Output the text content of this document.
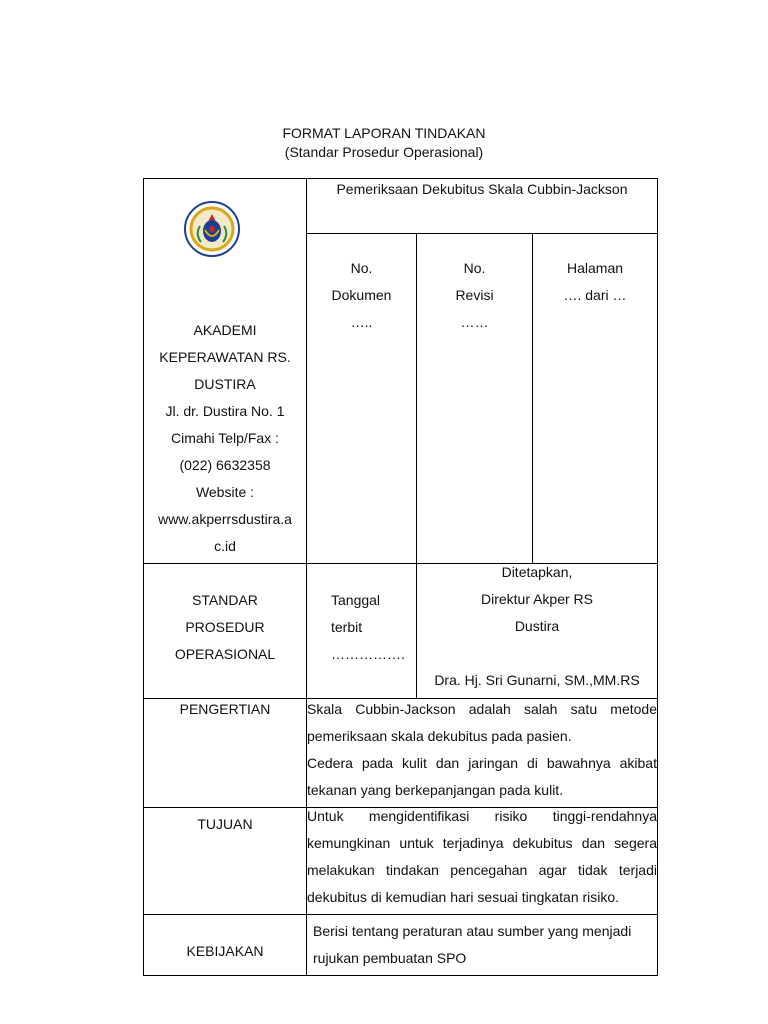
FORMAT LAPORAN TINDAKAN
(Standar Prosedur Operasional)
AKADEMI
KEPERAWATAN RS.
DUSTIRA
Jl. dr. Dustira No. 1
Cimahi Telp/Fax :
(022) 6632358
Website :
www.akperrsdustira.a
c.id
Pemeriksaan Dekubitus Skala Cubbin-Jackson
No.
Dokumen
…..
No.
Revisi
……
Halaman
…. dari …
STANDAR
PROSEDUR
OPERASIONAL
Tanggal
terbit
…………….
Ditetapkan,
Direktur Akper RS
Dustira
Dra. Hj. Sri Gunarni, SM.,MM.RS
PENGERTIAN	Skala Cubbin-Jackson adalah salah satu metode pemeriksaan skala dekubitus pada pasien.

Cedera pada kulit dan jaringan di bawahnya akibat tekanan yang berkepanjangan pada kulit.

TUJUAN	Untuk mengidentifikasi risiko tinggi-rendahnya kemungkinan untuk terjadinya dekubitus dan segera melakukan tindakan pencegahan agar tidak terjadi dekubitus di kemudian hari sesuai tingkatan risiko.

KEBIJAKAN

Berisi tentang peraturan atau sumber yang menjadi rujukan pembuatan SPO
